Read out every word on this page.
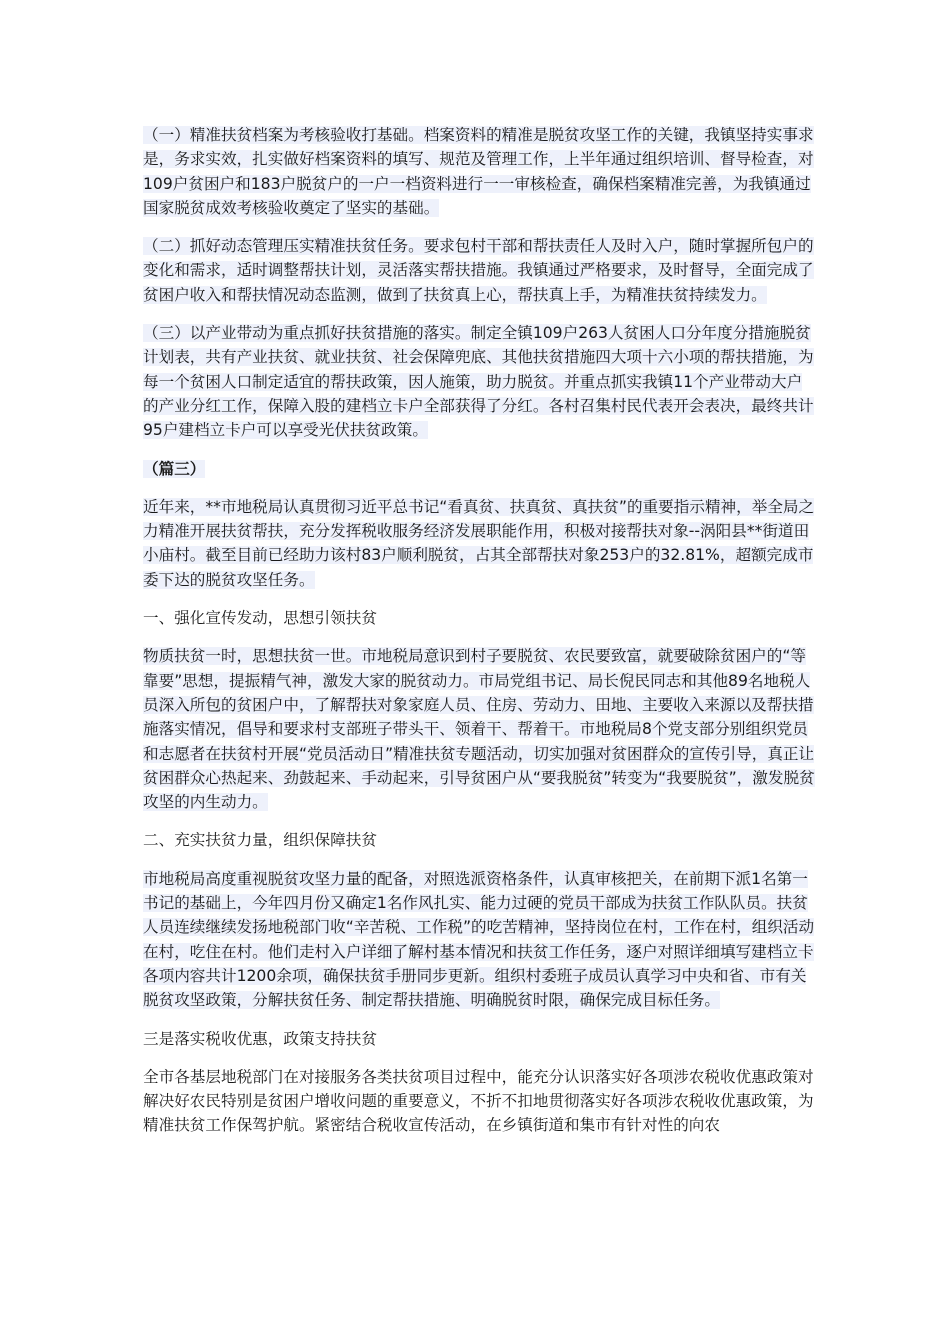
（一）精准扶贫档案为考核验收打基础。档案资料的精准是脱贫攻坚工作的关键，我镇坚持实事求是，务求实效，扎实做好档案资料的填写、规范及管理工作，上半年通过组织培训、督导检查，对109户贫困户和183户脱贫户的一户一档资料进行一一审核检查，确保档案精准完善，为我镇通过国家脱贫成效考核验收奠定了坚实的基础。

（二）抓好动态管理压实精准扶贫任务。要求包村干部和帮扶责任人及时入户，随时掌握所包户的变化和需求，适时调整帮扶计划，灵活落实帮扶措施。我镇通过严格要求，及时督导，全面完成了贫困户收入和帮扶情况动态监测，做到了扶贫真上心，帮扶真上手，为精准扶贫持续发力。

（三）以产业带动为重点抓好扶贫措施的落实。制定全镇109户263人贫困人口分年度分措施脱贫计划表，共有产业扶贫、就业扶贫、社会保障兜底、其他扶贫措施四大项十六小项的帮扶措施，为每一个贫困人口制定适宜的帮扶政策，因人施策，助力脱贫。并重点抓实我镇11个产业带动大户的产业分红工作，保障入股的建档立卡户全部获得了分红。各村召集村民代表开会表决，最终共计95户建档立卡户可以享受光伏扶贫政策。

（篇三）

近年来，**市地税局认真贯彻习近平总书记“看真贫、扶真贫、真扶贫”的重要指示精神，举全局之力精准开展扶贫帮扶，充分发挥税收服务经济发展职能作用，积极对接帮扶对象--涡阳县**街道田小庙村。截至目前已经助力该村83户顺利脱贫，占其全部帮扶对象253户的32.81%，超额完成市委下达的脱贫攻坚任务。

一、强化宣传发动，思想引领扶贫

物质扶贫一时，思想扶贫一世。市地税局意识到村子要脱贫、农民要致富，就要破除贫困户的“等靠要”思想，提振精气神，激发大家的脱贫动力。市局党组书记、局长倪民同志和其他89名地税人员深入所包的贫困户中，了解帮扶对象家庭人员、住房、劳动力、田地、主要收入来源以及帮扶措施落实情况，倡导和要求村支部班子带头干、领着干、帮着干。市地税局8个党支部分别组织党员和志愿者在扶贫村开展“党员活动日”精准扶贫专题活动，切实加强对贫困群众的宣传引导，真正让贫困群众心热起来、劲鼓起来、手动起来，引导贫困户从“要我脱贫”转变为“我要脱贫”，激发脱贫攻坚的内生动力。

二、充实扶贫力量，组织保障扶贫

市地税局高度重视脱贫攻坚力量的配备，对照选派资格条件，认真审核把关，在前期下派1名第一书记的基础上，今年四月份又确定1名作风扎实、能力过硬的党员干部成为扶贫工作队队员。扶贫人员连续继续发扬地税部门收“辛苦税、工作税”的吃苦精神，坚持岗位在村，工作在村，组织活动在村，吃住在村。他们走村入户详细了解村基本情况和扶贫工作任务，逐户对照详细填写建档立卡各项内容共计1200余项，确保扶贫手册同步更新。组织村委班子成员认真学习中央和省、市有关脱贫攻坚政策，分解扶贫任务、制定帮扶措施、明确脱贫时限，确保完成目标任务。

三是落实税收优惠，政策支持扶贫

全市各基层地税部门在对接服务各类扶贫项目过程中，能充分认识落实好各项涉农税收优惠政策对解决好农民特别是贫困户增收问题的重要意义，不折不扣地贯彻落实好各项涉农税收优惠政策，为精准扶贫工作保驾护航。紧密结合税收宣传活动，在乡镇街道和集市有针对性的向农
